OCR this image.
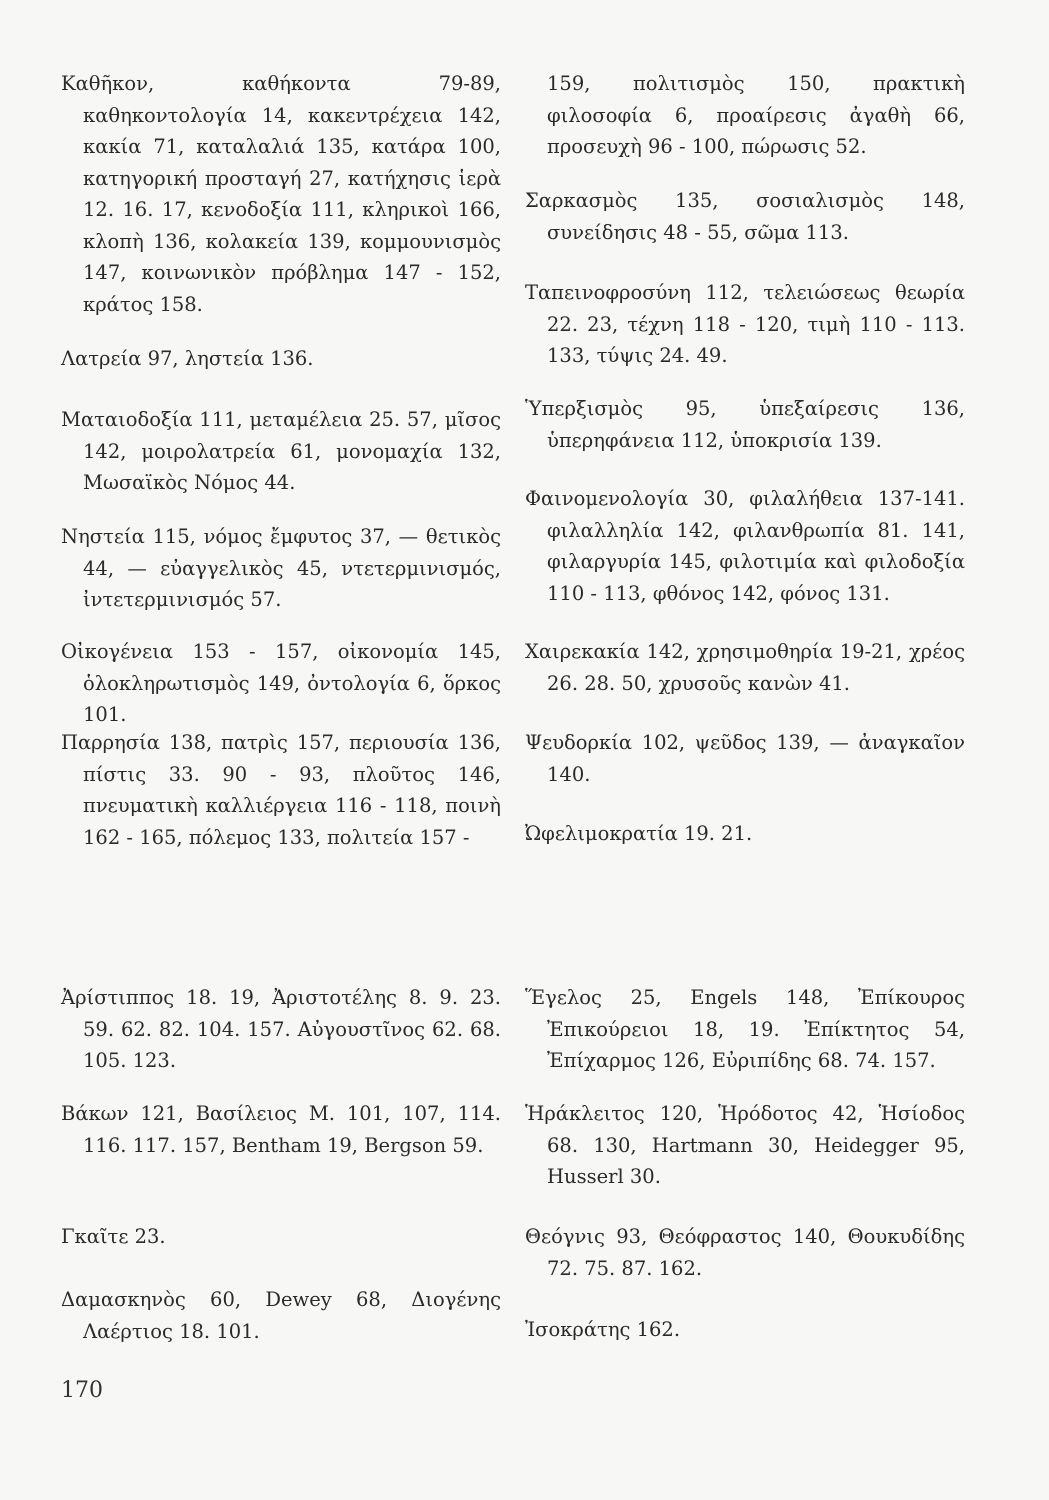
Καθῆκον, καθήκοντα 79-89, καθηκοντολογία 14, κακεντρέχεια 142, κακία 71, καταλαλιά 135, κατάρα 100, κατηγορική προσταγή 27, κατήχησις ἱερὰ 12. 16. 17, κενοδοξία 111, κληρικοὶ 166, κλοπὴ 136, κολακεία 139, κομμουνισμὸς 147, κοινωνικὸν πρόβλημα 147 - 152, κράτος 158.

Λατρεία 97, ληστεία 136.

Ματαιοδοξία 111, μεταμέλεια 25. 57, μῖσος 142, μοιρολατρεία 61, μονομαχία 132, Μωσαϊκὸς Νόμος 44.

Νηστεία 115, νόμος ἔμφυτος 37, — θετικὸς 44, — εὐαγγελικὸς 45, ντετερμινισμός, ἰντετερμινισμός 57.

Οἰκογένεια 153 - 157, οἰκονομία 145, ὁλοκληρωτισμὸς 149, ὀντολογία 6, ὅρκος 101.

Παρρησία 138, πατρὶς 157, περιουσία 136, πίστις 33. 90 - 93, πλοῦτος 146, πνευματικὴ καλλιέργεια 116 - 118, ποινὴ 162 - 165, πόλεμος 133, πολιτεία 157 -

Ἀρίστιππος 18. 19, Ἀριστοτέλης 8. 9. 23. 59. 62. 82. 104. 157. Αὐγουστῖνος 62. 68. 105. 123.

Βάκων 121, Βασίλειος Μ. 101, 107, 114. 116. 117. 157, Bentham 19, Bergson 59.

Γκαῖτε 23.

Δαμασκηνὸς 60, Dewey 68, Διογένης Λαέρτιος 18. 101.

159, πολιτισμὸς 150, πρακτικὴ φιλοσοφία 6, προαίρεσις ἀγαθὴ 66, προσευχὴ 96 - 100, πώρωσις 52.

Σαρκασμὸς 135, σοσιαλισμὸς 148, συνείδησις 48 - 55, σῶμα 113.

Ταπεινοφροσύνη 112, τελειώσεως θεωρία 22. 23, τέχνη 118 - 120, τιμὴ 110 - 113. 133, τύψις 24. 49.

Ὑπερξισμὸς 95, ὑπεξαίρεσις 136, ὑπερηφάνεια 112, ὑποκρισία 139.

Φαινομενολογία 30, φιλαλήθεια 137-141. φιλαλληλία 142, φιλανθρωπία 81. 141, φιλαργυρία 145, φιλοτιμία καὶ φιλοδοξία 110 - 113, φθόνος 142, φόνος 131.

Χαιρεκακία 142, χρησιμοθηρία 19-21, χρέος 26. 28. 50, χρυσοῦς κανὼν 41.

Ψευδορκία 102, ψεῦδος 139, — ἀναγκαῖον 140.

Ὠφελιμοκρατία 19. 21.

Ἕγελος 25, Engels 148, Ἐπίκουρος Ἐπικούρειοι 18, 19. Ἐπίκτητος 54, Ἐπίχαρμος 126, Εὐριπίδης 68. 74. 157.

Ἡράκλειτος 120, Ἡρόδοτος 42, Ἡσίοδος 68. 130, Hartmann 30, Heidegger 95, Husserl 30.

Θεόγνις 93, Θεόφραστος 140, Θουκυδίδης 72. 75. 87. 162.

Ἰσοκράτης 162.

170
